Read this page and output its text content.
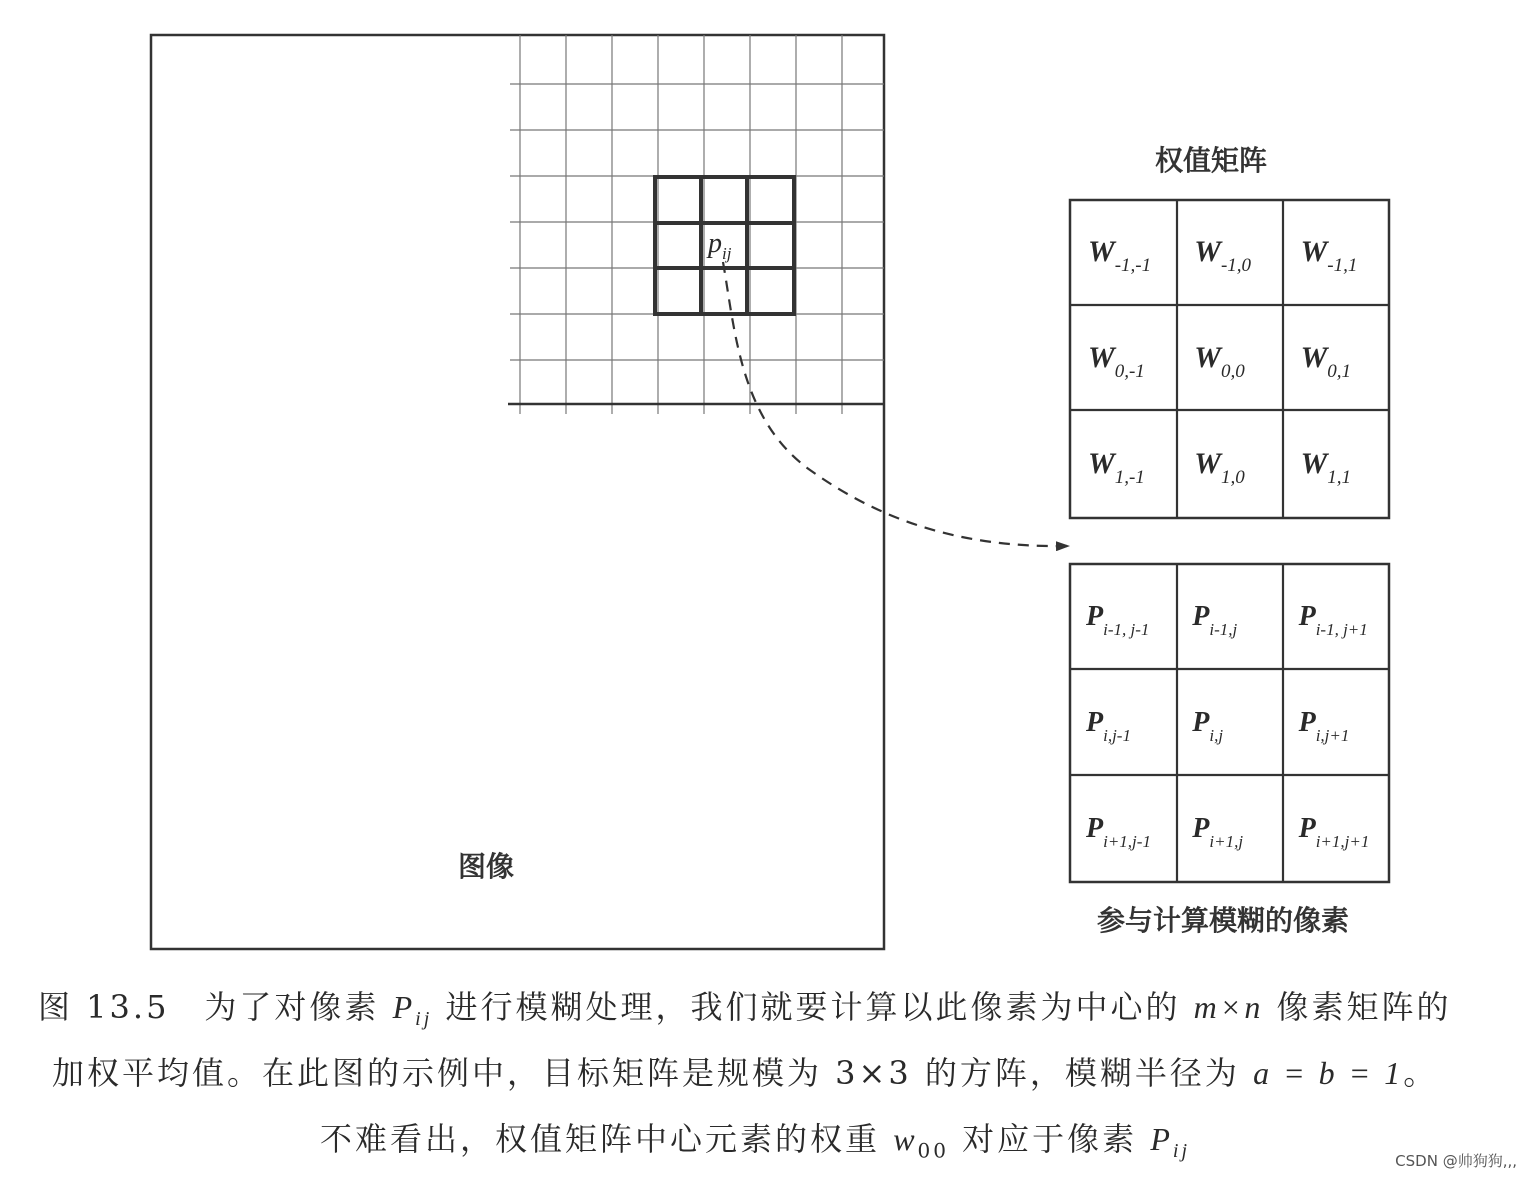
$p_{ij}$
图像
权值矩阵
$W_{-1,-1}$ $W_{-1,0}$ $W_{-1,1}$
$W_{0,-1}$ $W_{0,0}$ $W_{0,1}$
$W_{1,-1}$ $W_{1,0}$ $W_{1,1}$
$P_{i-1, j-1}$ $P_{i-1,j}$ $P_{i-1, j+1}$
$P_{i,j-1}$ $P_{i,j}$	$P_{i,j+1}$
$P_{i+1,j-1}$ $P_{i+1,j}$ $P_{i+1,j+1}$
参与计算模糊的像素
图 13.5　为了对像素 $P_{ij}$ 进行模糊处理，我们就要计算以此像素为中心的 m×n 像素矩阵的
加权平均值。在此图的示例中，目标矩阵是规模为 3×3 的方阵，模糊半径为 a = b = 1。
不难看出，权值矩阵中心元素的权重 $w_{00}$ 对应于像素 $P_{ij}$	CSDN @帅狗狗,,,
